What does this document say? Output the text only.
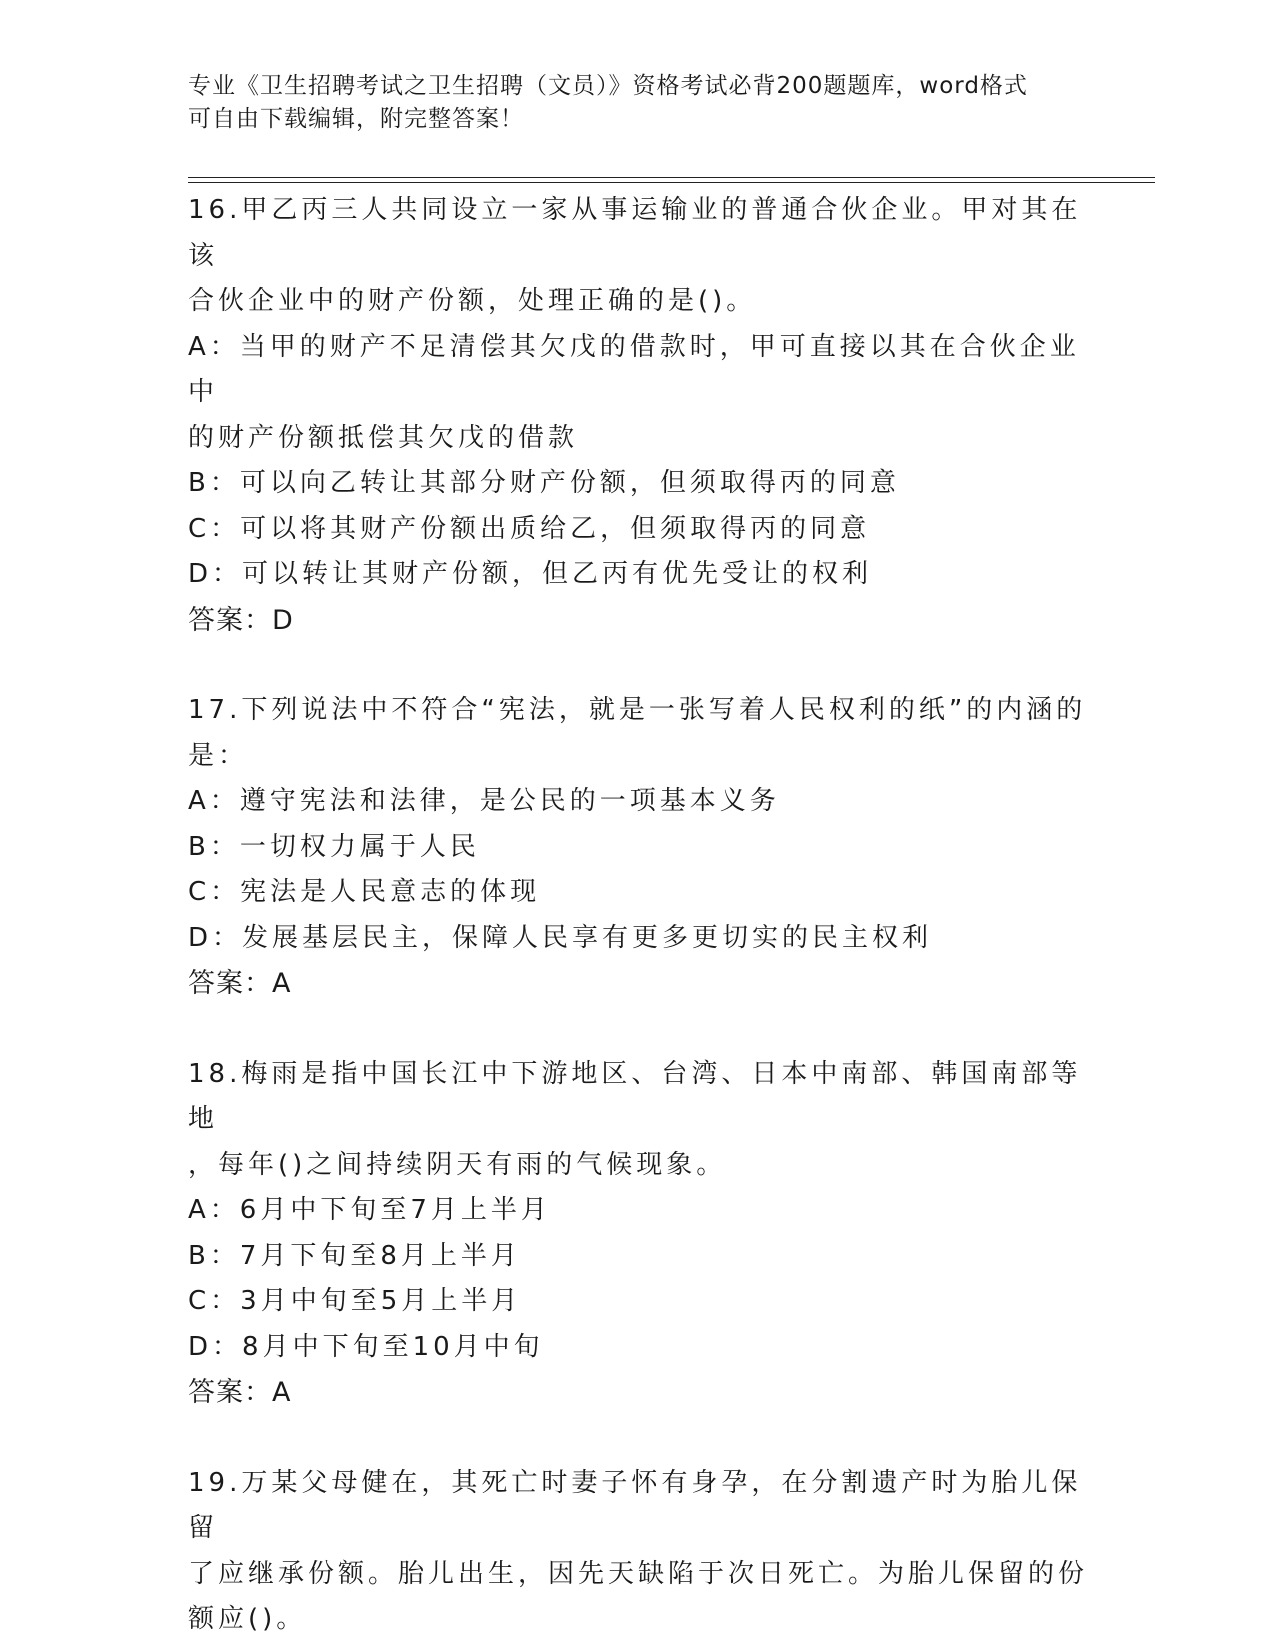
专业《卫生招聘考试之卫生招聘（文员）》资格考试必背200题题库，word格式
可自由下载编辑，附完整答案！

16.甲乙丙三人共同设立一家从事运输业的普通合伙企业。甲对其在该

合伙企业中的财产份额，处理正确的是()。

A：当甲的财产不足清偿其欠戊的借款时，甲可直接以其在合伙企业中

的财产份额抵偿其欠戊的借款

B：可以向乙转让其部分财产份额，但须取得丙的同意

C：可以将其财产份额出质给乙，但须取得丙的同意

D：可以转让其财产份额，但乙丙有优先受让的权利

答案：D

17.下列说法中不符合“宪法，就是一张写着人民权利的纸”的内涵的

是：

A：遵守宪法和法律，是公民的一项基本义务

B：一切权力属于人民

C：宪法是人民意志的体现

D：发展基层民主，保障人民享有更多更切实的民主权利

答案：A

18.梅雨是指中国长江中下游地区、台湾、日本中南部、韩国南部等地

，每年()之间持续阴天有雨的气候现象。

A：6月中下旬至7月上半月

B：7月下旬至8月上半月

C：3月中旬至5月上半月

D：8月中下旬至10月中旬

答案：A

19.万某父母健在，其死亡时妻子怀有身孕，在分割遗产时为胎儿保留

了应继承份额。胎儿出生，因先天缺陷于次日死亡。为胎儿保留的份

额应()。
